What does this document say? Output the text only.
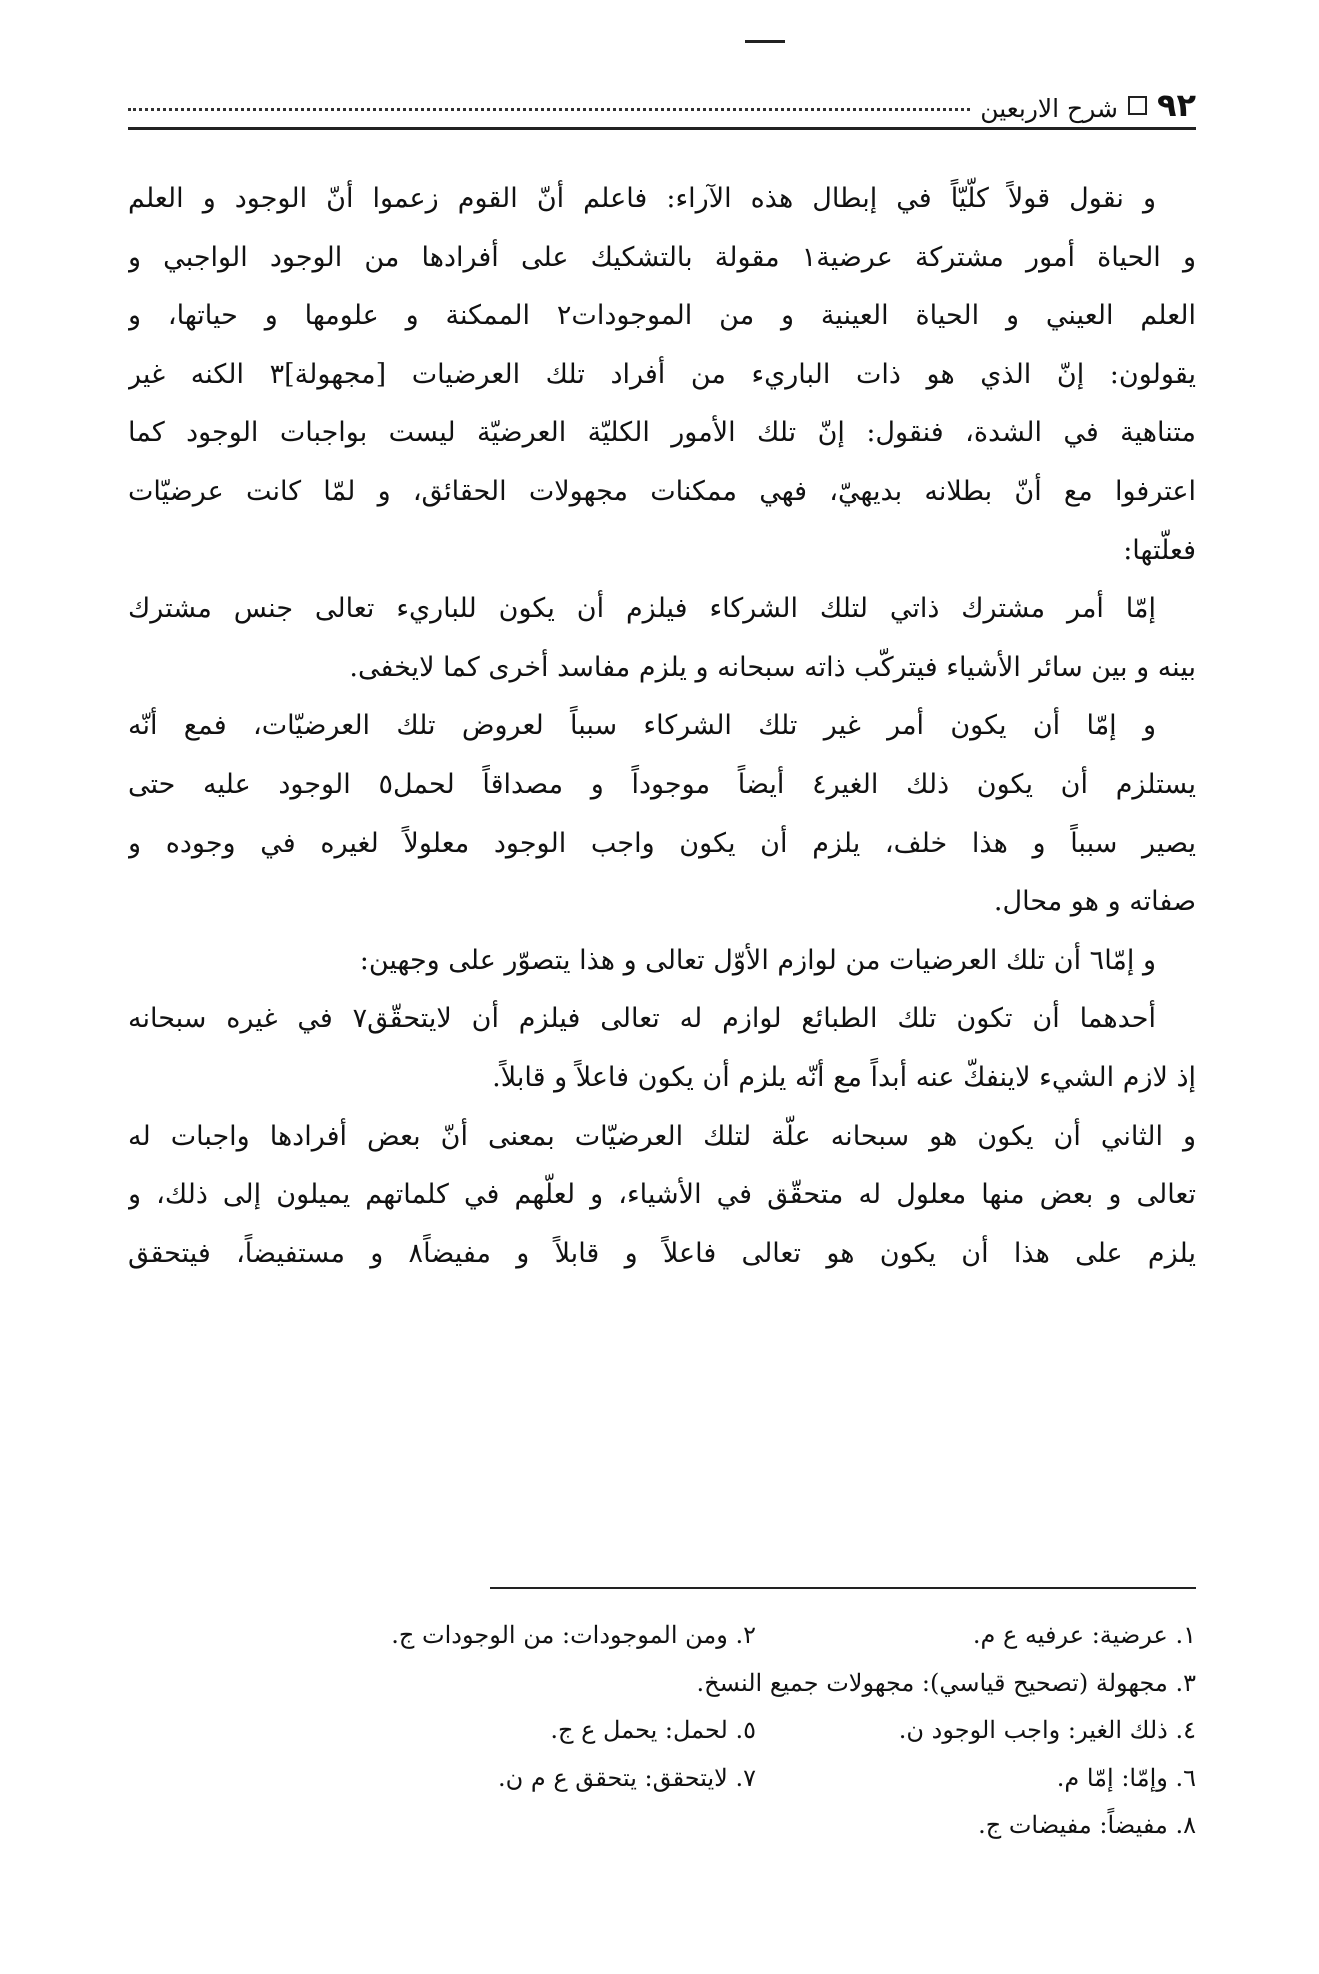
٩٢
شرح الاربعين
و نقول قولاً كلّيّاً في إبطال هذه الآراء: فاعلم أنّ القوم زعموا أنّ الوجود و العلم
و الحياة أمور مشتركة عرضية١ مقولة بالتشكيك على أفرادها من الوجود الواجبي و
العلم العيني و الحياة العينية و من الموجودات٢ الممكنة و علومها و حياتها، و
يقولون: إنّ الذي هو ذات الباريء من أفراد تلك العرضيات [مجهولة]٣ الكنه غير
متناهية في الشدة، فنقول: إنّ تلك الأمور الكليّة العرضيّة ليست بواجبات الوجود كما
اعترفوا مع أنّ بطلانه بديهيّ، فهي ممكنات مجهولات الحقائق، و لمّا كانت عرضيّات
فعلّتها:
إمّا أمر مشترك ذاتي لتلك الشركاء فيلزم أن يكون للباريء تعالى جنس مشترك
بينه و بين سائر الأشياء فيتركّب ذاته سبحانه و يلزم مفاسد أخرى كما لايخفى.
و إمّا أن يكون أمر غير تلك الشركاء سبباً لعروض تلك العرضيّات، فمع أنّه
يستلزم أن يكون ذلك الغير٤ أيضاً موجوداً و مصداقاً لحمل٥ الوجود عليه حتى
يصير سبباً و هذا خلف، يلزم أن يكون واجب الوجود معلولاً لغيره في وجوده و
صفاته و هو محال.
و إمّا٦ أن تلك العرضيات من لوازم الأوّل تعالى و هذا يتصوّر على وجهين:
أحدهما أن تكون تلك الطبائع لوازم له تعالى فيلزم أن لايتحقّق٧ في غيره سبحانه
إذ لازم الشيء لاينفكّ عنه أبداً مع أنّه يلزم أن يكون فاعلاً و قابلاً.
و الثاني أن يكون هو سبحانه علّة لتلك العرضيّات بمعنى أنّ بعض أفرادها واجبات له
تعالى و بعض منها معلول له متحقّق في الأشياء، و لعلّهم في كلماتهم يميلون إلى ذلك، و
يلزم على هذا أن يكون هو تعالى فاعلاً و قابلاً و مفيضاً٨ و مستفيضاً، فيتحقق
١. عرضية: عرفيه ع م.
٢. ومن الموجودات: من الوجودات ج.
٣. مجهولة (تصحيح قياسي): مجهولات جميع النسخ.
٤. ذلك الغير: واجب الوجود ن.
٥. لحمل: يحمل ع ج.
٦. وإمّا: إمّا م.
٧. لايتحقق: يتحقق ع م ن.
٨. مفيضاً: مفيضات ج.
